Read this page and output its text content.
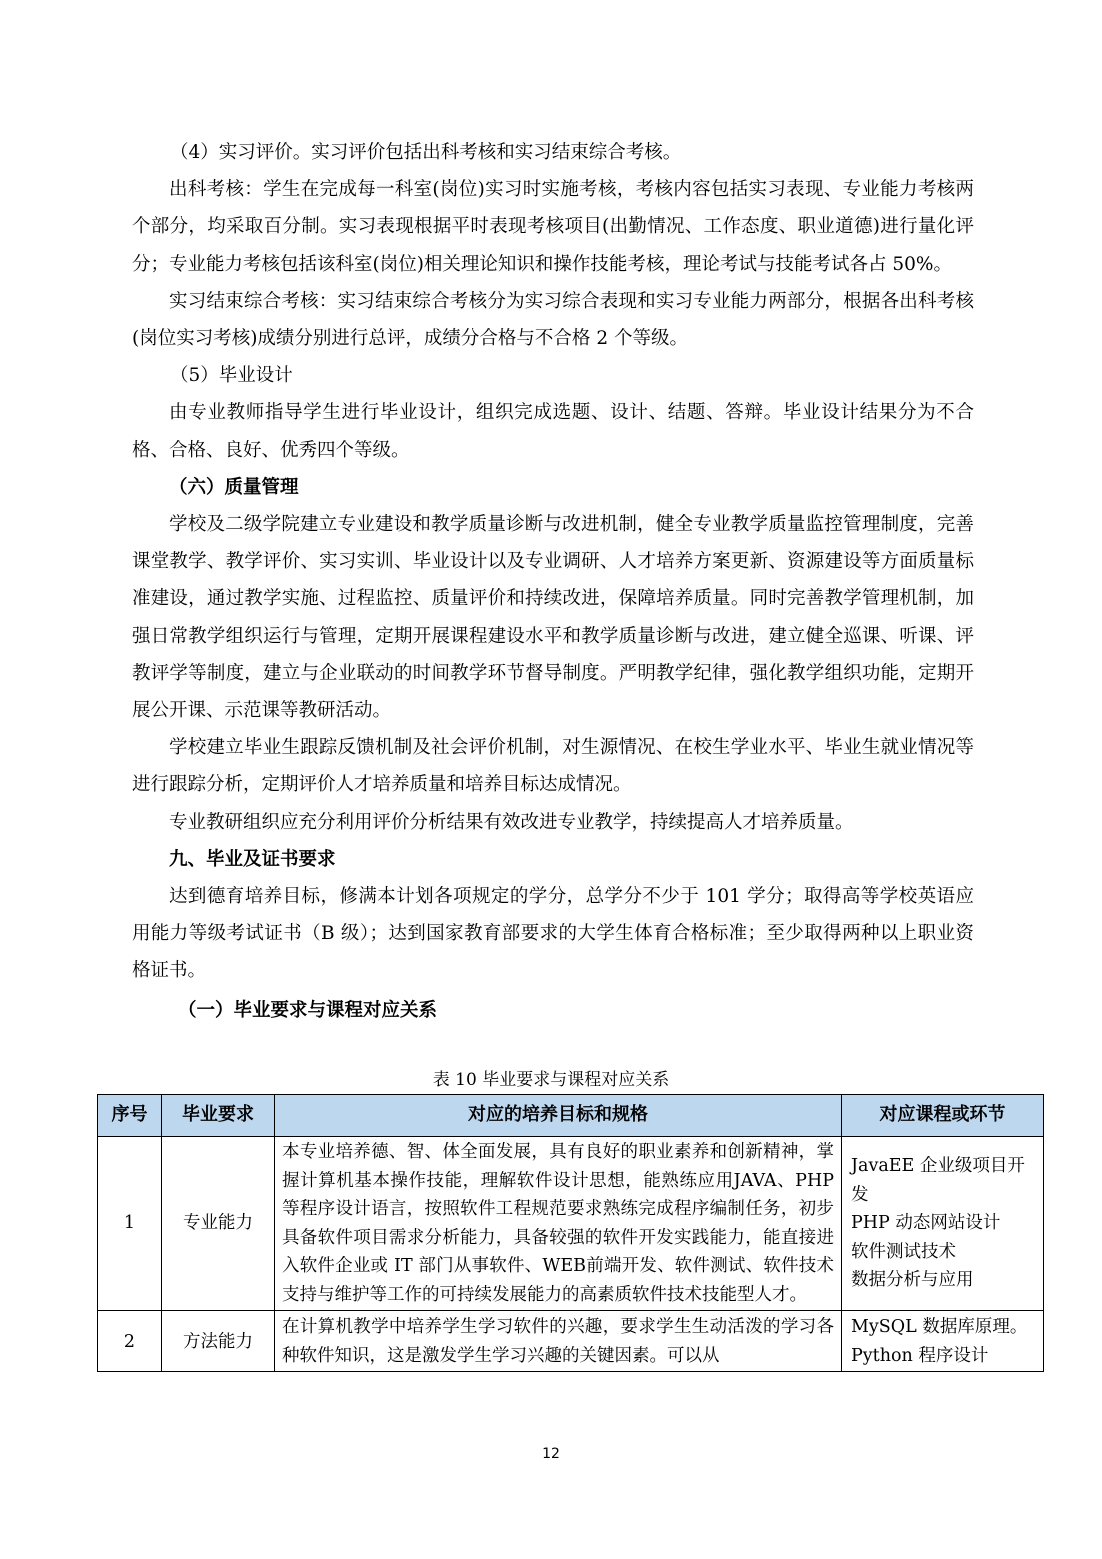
（4）实习评价。实习评价包括出科考核和实习结束综合考核。

出科考核：学生在完成每一科室(岗位)实习时实施考核，考核内容包括实习表现、专业能力考核两个部分，均采取百分制。实习表现根据平时表现考核项目(出勤情况、工作态度、职业道德)进行量化评分；专业能力考核包括该科室(岗位)相关理论知识和操作技能考核，理论考试与技能考试各占 50%。

实习结束综合考核：实习结束综合考核分为实习综合表现和实习专业能力两部分，根据各出科考核(岗位实习考核)成绩分别进行总评，成绩分合格与不合格 2 个等级。

（5）毕业设计

由专业教师指导学生进行毕业设计，组织完成选题、设计、结题、答辩。毕业设计结果分为不合格、合格、良好、优秀四个等级。

（六）质量管理

学校及二级学院建立专业建设和教学质量诊断与改进机制，健全专业教学质量监控管理制度，完善课堂教学、教学评价、实习实训、毕业设计以及专业调研、人才培养方案更新、资源建设等方面质量标准建设，通过教学实施、过程监控、质量评价和持续改进，保障培养质量。同时完善教学管理机制，加强日常教学组织运行与管理，定期开展课程建设水平和教学质量诊断与改进，建立健全巡课、听课、评教评学等制度，建立与企业联动的时间教学环节督导制度。严明教学纪律，强化教学组织功能，定期开展公开课、示范课等教研活动。

学校建立毕业生跟踪反馈机制及社会评价机制，对生源情况、在校生学业水平、毕业生就业情况等进行跟踪分析，定期评价人才培养质量和培养目标达成情况。

专业教研组织应充分利用评价分析结果有效改进专业教学，持续提高人才培养质量。

九、毕业及证书要求

达到德育培养目标，修满本计划各项规定的学分，总学分不少于 101 学分；取得高等学校英语应用能力等级考试证书（B 级）；达到国家教育部要求的大学生体育合格标准；至少取得两种以上职业资格证书。

（一）毕业要求与课程对应关系

表 10 毕业要求与课程对应关系
序号	毕业要求	对应的培养目标和规格	对应课程或环节
1	专业能力	本专业培养德、智、体全面发展，具有良好的职业素养和创新精神，掌握计算机基本操作技能，理解软件设计思想，能熟练应用JAVA、PHP 等程序设计语言，按照软件工程规范要求熟练完成程序编制任务，初步具备软件项目需求分析能力，具备较强的软件开发实践能力，能直接进入软件企业或 IT 部门从事软件、WEB前端开发、软件测试、软件技术支持与维护等工作的可持续发展能力的高素质软件技术技能型人才。	JavaEE 企业级项目开发
PHP 动态网站设计
软件测试技术
数据分析与应用

2	方法能力	在计算机教学中培养学生学习软件的兴趣，要求学生生动活泼的学习各种软件知识，这是激发学生学习兴趣的关键因素。可以从	MySQL 数据库原理。
Python 程序设计
12
